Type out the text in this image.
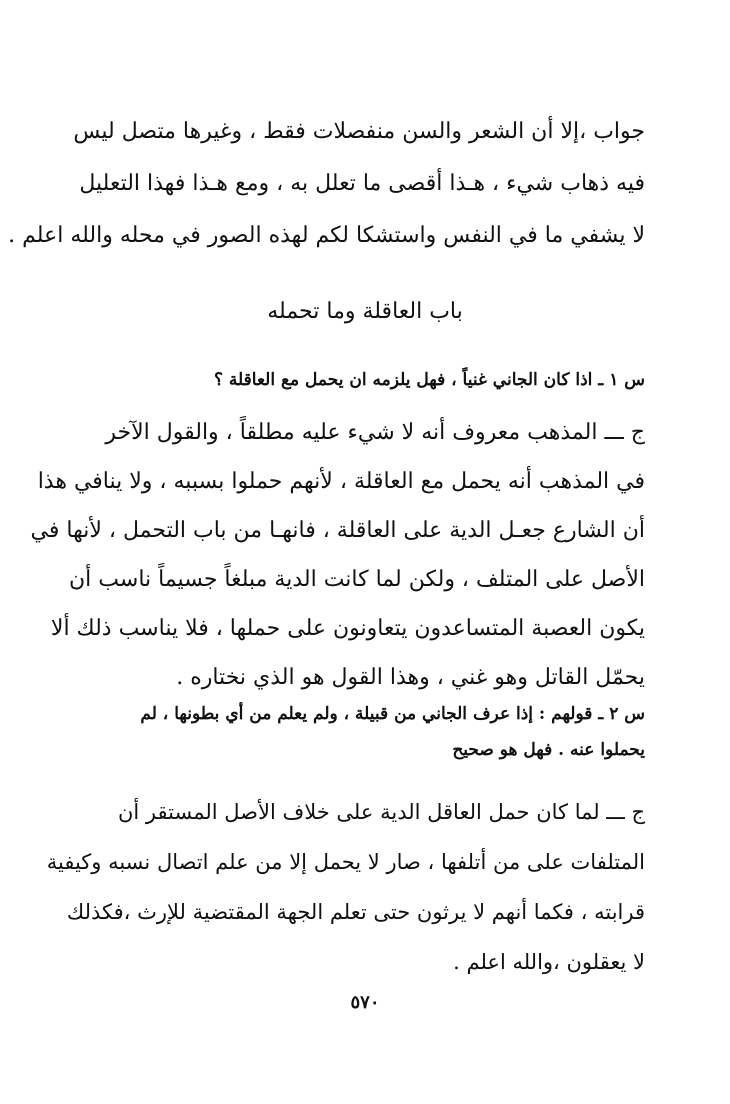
جواب ،إلا أن الشعر والسن منفصلات فقط ، وغيرها متصل ليس
فيه ذهاب شيء ، هـذا أقصى ما تعلل به ، ومع هـذا فهذا التعليل
لا يشفي ما في النفس واستشكا لكم لهذه الصور في محله والله اعلم .
باب العاقلة وما تحمله
س ١ ـ اذا كان الجاني غنياً ، فهل يلزمه ان يحمل مع العاقلة ؟
ج ـــ المذهب معروف أنه لا شيء عليه مطلقاً ، والقول الآخر
في المذهب أنه يحمل مع العاقلة ، لأنهم حملوا بسببه ، ولا ينافي هذا
أن الشارع جعـل الدية على العاقلة ، فانهـا من باب التحمل ، لأنها في
الأصل على المتلف ، ولكن لما كانت الدية مبلغاً جسيماً ناسب أن
يكون العصبة المتساعدون يتعاونون على حملها ، فلا يناسب ذلك ألا
يحمّل القاتل وهو غني ، وهذا القول هو الذي نختاره .
س ٢ ـ قولهم : إذا عرف الجاني من قبيلة ، ولم يعلم من أي بطونها ، لم
يحملوا عنه . فهل هو صحيح
ج ـــ لما كان حمل العاقل الدية على خلاف الأصل المستقر أن
المتلفات على من أتلفها ، صار لا يحمل إلا من علم اتصال نسبه وكيفية
قرابته ، فكما أنهم لا يرثون حتى تعلم الجهة المقتضية للإرث ،فكذلك
لا يعقلون ،والله اعلم .
٥٧٠
